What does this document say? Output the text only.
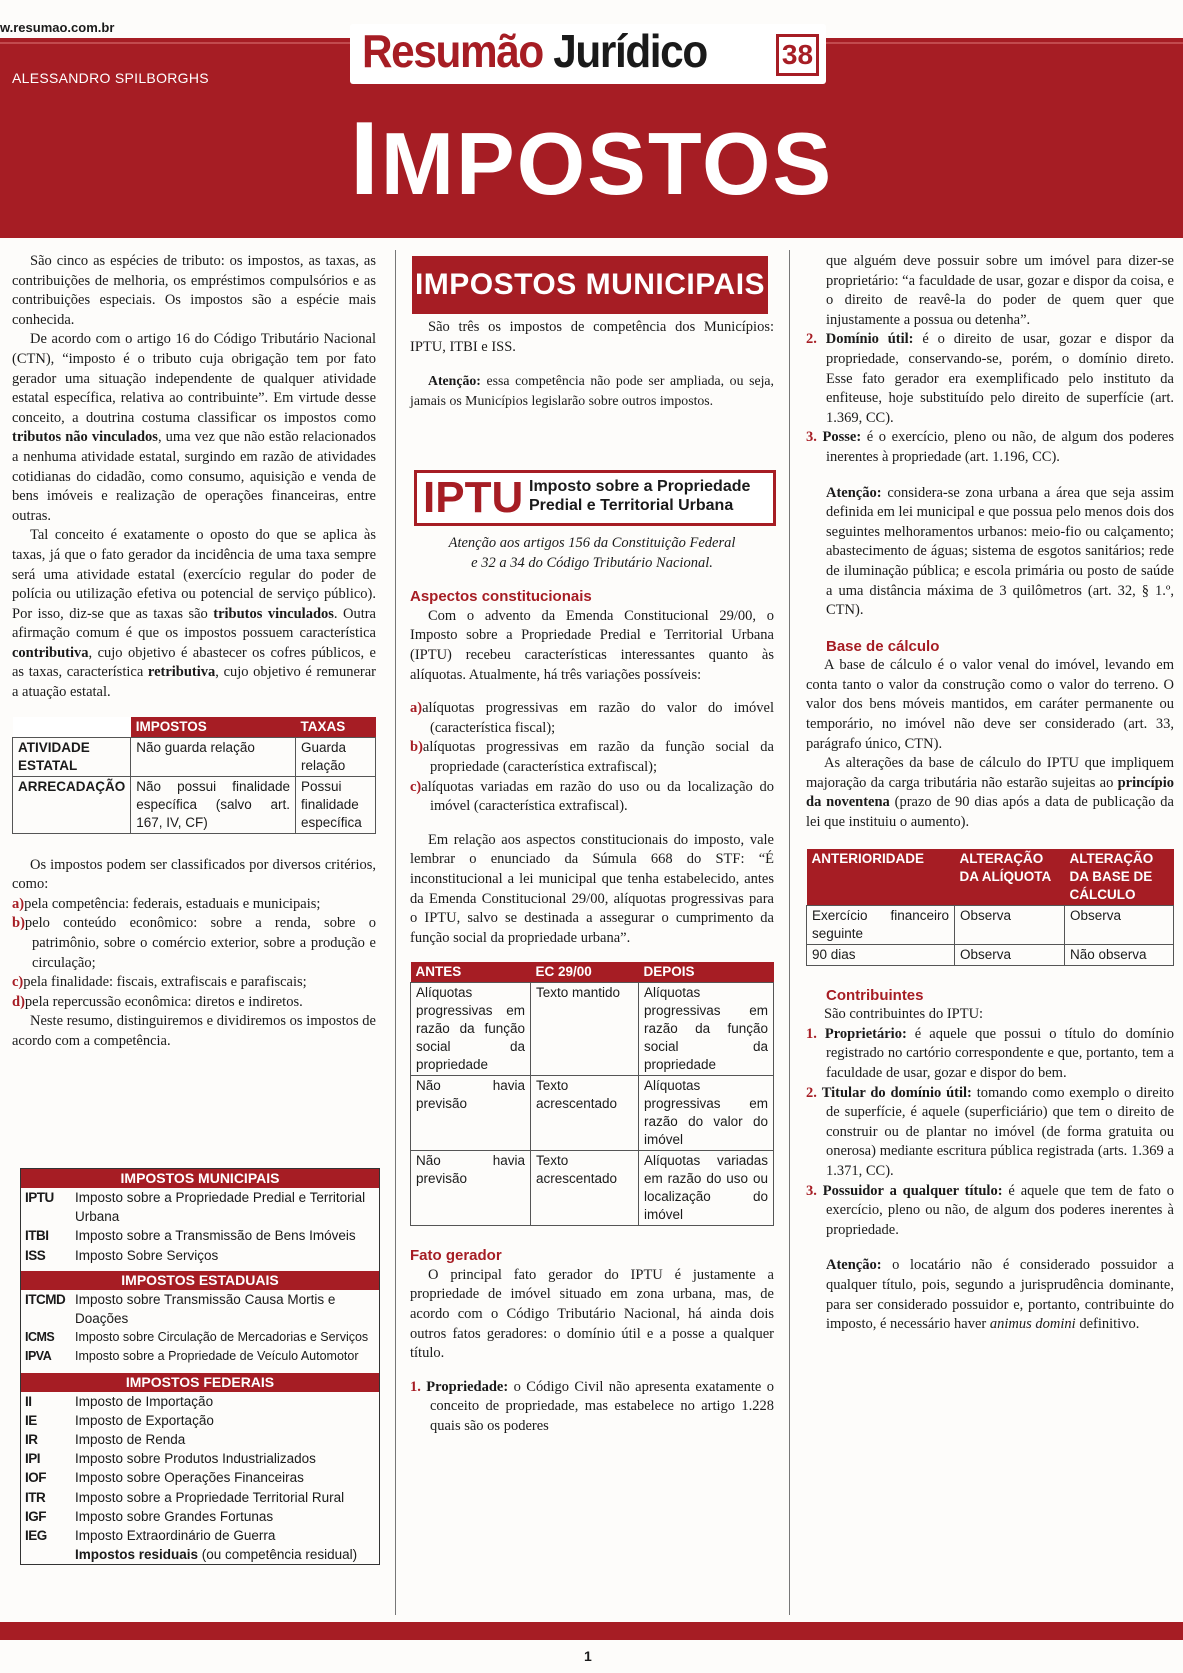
w.resumao.com.br
ALESSANDRO SPILBORGHS
Resumão Jurídico	38
IMPOSTOS

São cinco as espécies de tributo: os impostos, as taxas, as contribuições de melhoria, os empréstimos compulsórios e as contribuições especiais. Os impostos são a espécie mais conhecida.

De acordo com o artigo 16 do Código Tributário Nacional (CTN), “imposto é o tributo cuja obrigação tem por fato gerador uma situação independente de qualquer atividade estatal específica, relativa ao contribuinte”. Em virtude desse conceito, a doutrina costuma classificar os impostos como tributos não vinculados, uma vez que não estão relacionados a nenhuma atividade estatal, surgindo em razão de atividades cotidianas do cidadão, como consumo, aquisição e venda de bens imóveis e realização de operações financeiras, entre outras.

Tal conceito é exatamente o oposto do que se aplica às taxas, já que o fato gerador da incidência de uma taxa sempre será uma atividade estatal (exercício regular do poder de polícia ou utilização efetiva ou potencial de serviço público). Por isso, diz-se que as taxas são tributos vinculados. Outra afirmação comum é que os impostos possuem característica contributiva, cujo objetivo é abastecer os cofres públicos, e as taxas, característica retributiva, cujo objetivo é remunerar a atuação estatal.

	IMPOSTOS	TAXAS
ATIVIDADE ESTATAL	Não guarda relação	Guarda relação
ARRECADAÇÃO	Não possui finalidade específica (salvo art. 167, IV, CF)	Possui finalidade específica

Os impostos podem ser classificados por diversos critérios, como:

a)pela competência: federais, estaduais e municipais;
b)pelo conteúdo econômico: sobre a renda, sobre o patrimônio, sobre o comércio exterior, sobre a produção e circulação;
c)pela finalidade: fiscais, extrafiscais e parafiscais;
d)pela repercussão econômica: diretos e indiretos.

Neste resumo, distinguiremos e dividiremos os impostos de acordo com a competência.

IMPOSTOS MUNICIPAIS
IPTU	Imposto sobre a Propriedade Predial e Territorial Urbana
ITBI	Imposto sobre a Transmissão de Bens Imóveis
ISS	Imposto Sobre Serviços
IMPOSTOS ESTADUAIS
ITCMD Imposto sobre Transmissão Causa Mortis e Doações
ICMS	Imposto sobre Circulação de Mercadorias e Serviços
IPVA	Imposto sobre a Propriedade de Veículo Automotor
IMPOSTOS FEDERAIS
II	Imposto de Importação
IE	Imposto de Exportação
IR	Imposto de Renda
IPI	Imposto sobre Produtos Industrializados
IOF	Imposto sobre Operações Financeiras
ITR	Imposto sobre a Propriedade Territorial Rural
IGF	Imposto sobre Grandes Fortunas
IEG	Imposto Extraordinário de Guerra
Impostos residuais (ou competência residual)
IMPOSTOS MUNICIPAIS

São três os impostos de competência dos Municípios: IPTU, ITBI e ISS.

Atenção: essa competência não pode ser ampliada, ou seja, jamais os Municípios legislarão sobre outros impostos.

IPTU Imposto sobre a Propriedade Predial e Territorial Urbana

Atenção aos artigos 156 da Constituição Federal e 32 a 34 do Código Tributário Nacional.

Aspectos constitucionais

Com o advento da Emenda Constitucional 29/00, o Imposto sobre a Propriedade Predial e Territorial Urbana (IPTU) recebeu características interessantes quanto às alíquotas. Atualmente, há três variações possíveis:

a)alíquotas progressivas em razão do valor do imóvel (característica fiscal);
b)alíquotas progressivas em razão da função social da propriedade (característica extrafiscal);
c)alíquotas variadas em razão do uso ou da localização do imóvel (característica extrafiscal).

Em relação aos aspectos constitucionais do imposto, vale lembrar o enunciado da Súmula 668 do STF: “É inconstitucional a lei municipal que tenha estabelecido, antes da Emenda Constitucional 29/00, alíquotas progressivas para o IPTU, salvo se destinada a assegurar o cumprimento da função social da propriedade urbana”.

ANTES	EC 29/00	DEPOIS
Alíquotas progressivas em razão da função social da propriedade	Texto mantido	Alíquotas progressivas em razão da função social da propriedade
Não havia previsão	Texto acrescentado	Alíquotas progressivas em razão do valor do imóvel
Não havia previsão	Texto acrescentado	Alíquotas variadas em razão do uso ou localização do imóvel

Fato gerador

O principal fato gerador do IPTU é justamente a propriedade de imóvel situado em zona urbana, mas, de acordo com o Código Tributário Nacional, há ainda dois outros fatos geradores: o domínio útil e a posse a qualquer título.

1. Propriedade: o Código Civil não apresenta exatamente o conceito de propriedade, mas estabelece no artigo 1.228 quais são os poderes

que alguém deve possuir sobre um imóvel para dizer-se proprietário: “a faculdade de usar, gozar e dispor da coisa, e o direito de reavê-la do poder de quem quer que injustamente a possua ou detenha”.

2. Domínio útil: é o direito de usar, gozar e dispor da propriedade, conservando-se, porém, o domínio direto. Esse fato gerador era exemplificado pelo instituto da enfiteuse, hoje substituído pelo direito de superfície (art. 1.369, CC).
3. Posse: é o exercício, pleno ou não, de algum dos poderes inerentes à propriedade (art. 1.196, CC).

Atenção: considera-se zona urbana a área que seja assim definida em lei municipal e que possua pelo menos dois dos seguintes melhoramentos urbanos: meio-fio ou calçamento; abastecimento de águas; sistema de esgotos sanitários; rede de iluminação pública; e escola primária ou posto de saúde a uma distância máxima de 3 quilômetros (art. 32, § 1.º, CTN).

Base de cálculo

A base de cálculo é o valor venal do imóvel, levando em conta tanto o valor da construção como o valor do terreno. O valor dos bens móveis mantidos, em caráter permanente ou temporário, no imóvel não deve ser considerado (art. 33, parágrafo único, CTN).

As alterações da base de cálculo do IPTU que impliquem majoração da carga tributária não estarão sujeitas ao princípio da noventena (prazo de 90 dias após a data de publicação da lei que instituiu o aumento).

ANTERIORIDADE	ALTERAÇÃO DA ALÍQUOTA	ALTERAÇÃO DA BASE DE CÁLCULO
Exercício financeiro seguinte	Observa	Observa
90 dias	Observa	Não observa

Contribuintes

São contribuintes do IPTU:

1. Proprietário: é aquele que possui o título do domínio registrado no cartório correspondente e que, portanto, tem a faculdade de usar, gozar e dispor do bem.
2. Titular do domínio útil: tomando como exemplo o direito de superfície, é aquele (superficiário) que tem o direito de construir ou de plantar no imóvel (de forma gratuita ou onerosa) mediante escritura pública registrada (arts. 1.369 a 1.371, CC).
3. Possuidor a qualquer título: é aquele que tem de fato o exercício, pleno ou não, de algum dos poderes inerentes à propriedade.

Atenção: o locatário não é considerado possuidor a qualquer título, pois, segundo a jurisprudência dominante, para ser considerado possuidor e, portanto, contribuinte do imposto, é necessário haver animus domini definitivo.

1
